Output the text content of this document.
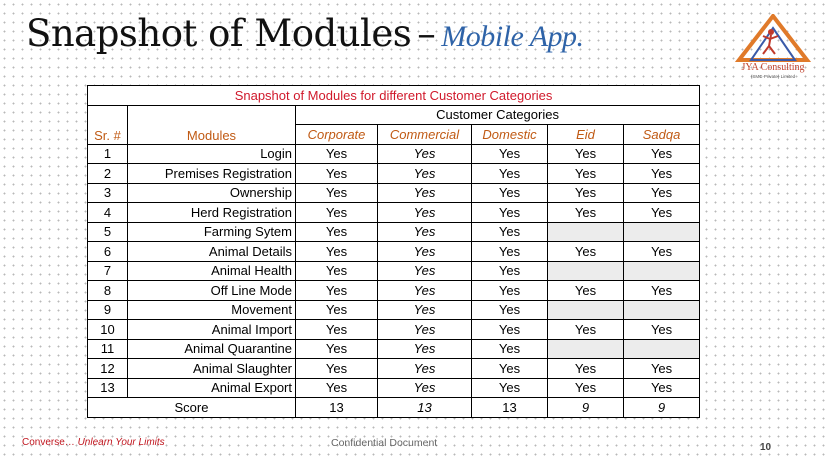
Snapshot of Modules – Mobile App.
JYA Consulting
(SMC-Private) Limited
Snapshot of Modules for different Customer Categories						
Sr. #	Modules	Customer Categories				
		Corporate	Commercial	Domestic	Eid	Sadqa
1	Login	Yes	Yes	Yes	Yes	Yes
2	Premises Registration	Yes	Yes	Yes	Yes	Yes
3	Ownership	Yes	Yes	Yes	Yes	Yes
4	Herd Registration	Yes	Yes	Yes	Yes	Yes
5	Farming Sytem	Yes	Yes	Yes		
6	Animal Details	Yes	Yes	Yes	Yes	Yes
7	Animal Health	Yes	Yes	Yes		
8	Off Line Mode	Yes	Yes	Yes	Yes	Yes
9	Movement	Yes	Yes	Yes		
10	Animal Import	Yes	Yes	Yes	Yes	Yes
11	Animal Quarantine	Yes	Yes	Yes		
12	Animal Slaughter	Yes	Yes	Yes	Yes	Yes
13	Animal Export	Yes	Yes	Yes	Yes	Yes
Score		13	13	13	9	9
Converse… Unlearn Your Limits	Confidential Document	10
